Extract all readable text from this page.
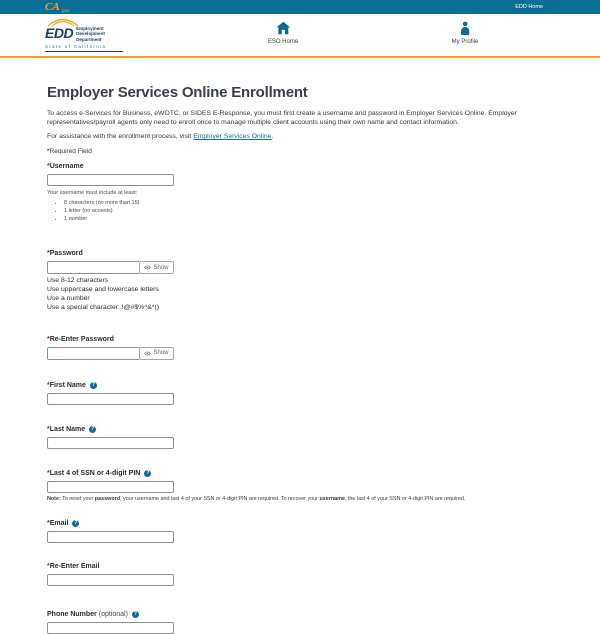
CA .gov
EDD Home
EDD Employment
Development
Department
State of California
ESO Home	My Profile
Employer Services Online Enrollment

To access e-Services for Business, eWOTC, or SIDES E-Response, you must first create a username and password in Employer Services Online. Employer representatives/payroll agents only need to enroll once to manage multiple client accounts using their own name and contact information.

For assistance with the enrollment process, visit Employer Services Online.

*Required Field

*Username
Your username must include at least:
• 8 characters (no more than 15)
• 1 letter (no accents)
• 1 number
*Password
Show
Use 8-12 characters
Use uppercase and lowercase letters
Use a number
Use a special character: !@#$%^&*()
*Re-Enter Password
Show
*First Name ?
*Last Name ?
*Last 4 of SSN or 4-digit PIN ?
Note: To reset your password, your username and last 4 of your SSN or 4-digit PIN are required. To recover your username, the last 4 of your SSN or 4-digit PIN are required.
*Email ?
*Re-Enter Email
Phone Number (optional) ?
